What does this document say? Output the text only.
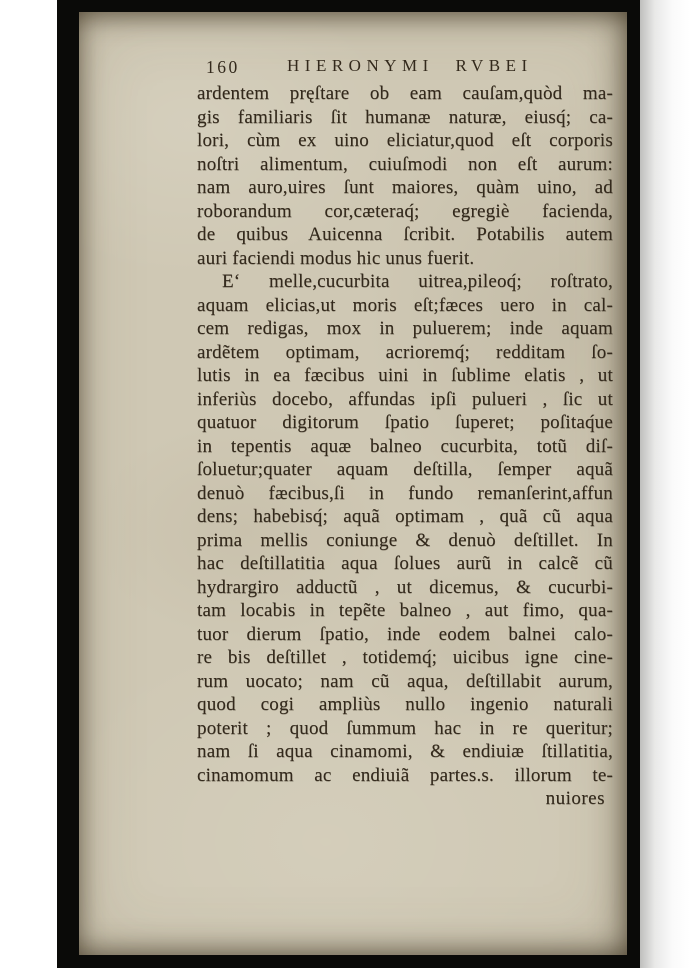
160	HIERONYMI RVBEI
ardentem pręſtare ob eam cauſam,quòd ma-
gis familiaris ſit humanæ naturæ, eiusq́; ca-
lori, cùm ex uino eliciatur,quod eſt corporis
noſtri alimentum, cuiuſmodi non eſt aurum:
nam auro,uires ſunt maiores, quàm uino, ad
roborandum cor,cæteraq́; egregiè facienda,
de quibus Auicenna ſcribit. Potabilis autem
auri faciendi modus hic unus fuerit.
E‘ melle,cucurbita uitrea,pileoq́; roſtrato,
aquam elicias,ut moris eſt;fæces uero in cal-
cem redigas, mox in puluerem; inde aquam
ardẽtem optimam, acrioremq́; redditam ſo-
lutis in ea fæcibus uini in ſublime elatis , ut
inferiùs docebo, affundas ipſi pulueri , ſic ut
quatuor digitorum ſpatio ſuperet; poſitaq́ue
in tepentis aquæ balneo cucurbita, totũ diſ-
ſoluetur;quater aquam deſtilla, ſemper aquã
denuò fæcibus,ſi in fundo remanſerint,affun
dens; habebisq́; aquã optimam , quã cũ aqua
prima mellis coniunge & denuò deſtillet. In
hac deſtillatitia aqua ſolues aurũ in calcẽ cũ
hydrargiro adductũ , ut dicemus, & cucurbi-
tam locabis in tepẽte balneo , aut fimo, qua-
tuor dierum ſpatio, inde eodem balnei calo-
re bis deſtillet , totidemq́; uicibus igne cine-
rum uocato; nam cũ aqua, deſtillabit aurum,
quod cogi ampliùs nullo ingenio naturali
poterit ; quod ſummum hac in re queritur;
nam ſi aqua cinamomi, & endiuiæ ſtillatitia,
cinamomum ac endiuiã partes.s. illorum te-
nuiores
